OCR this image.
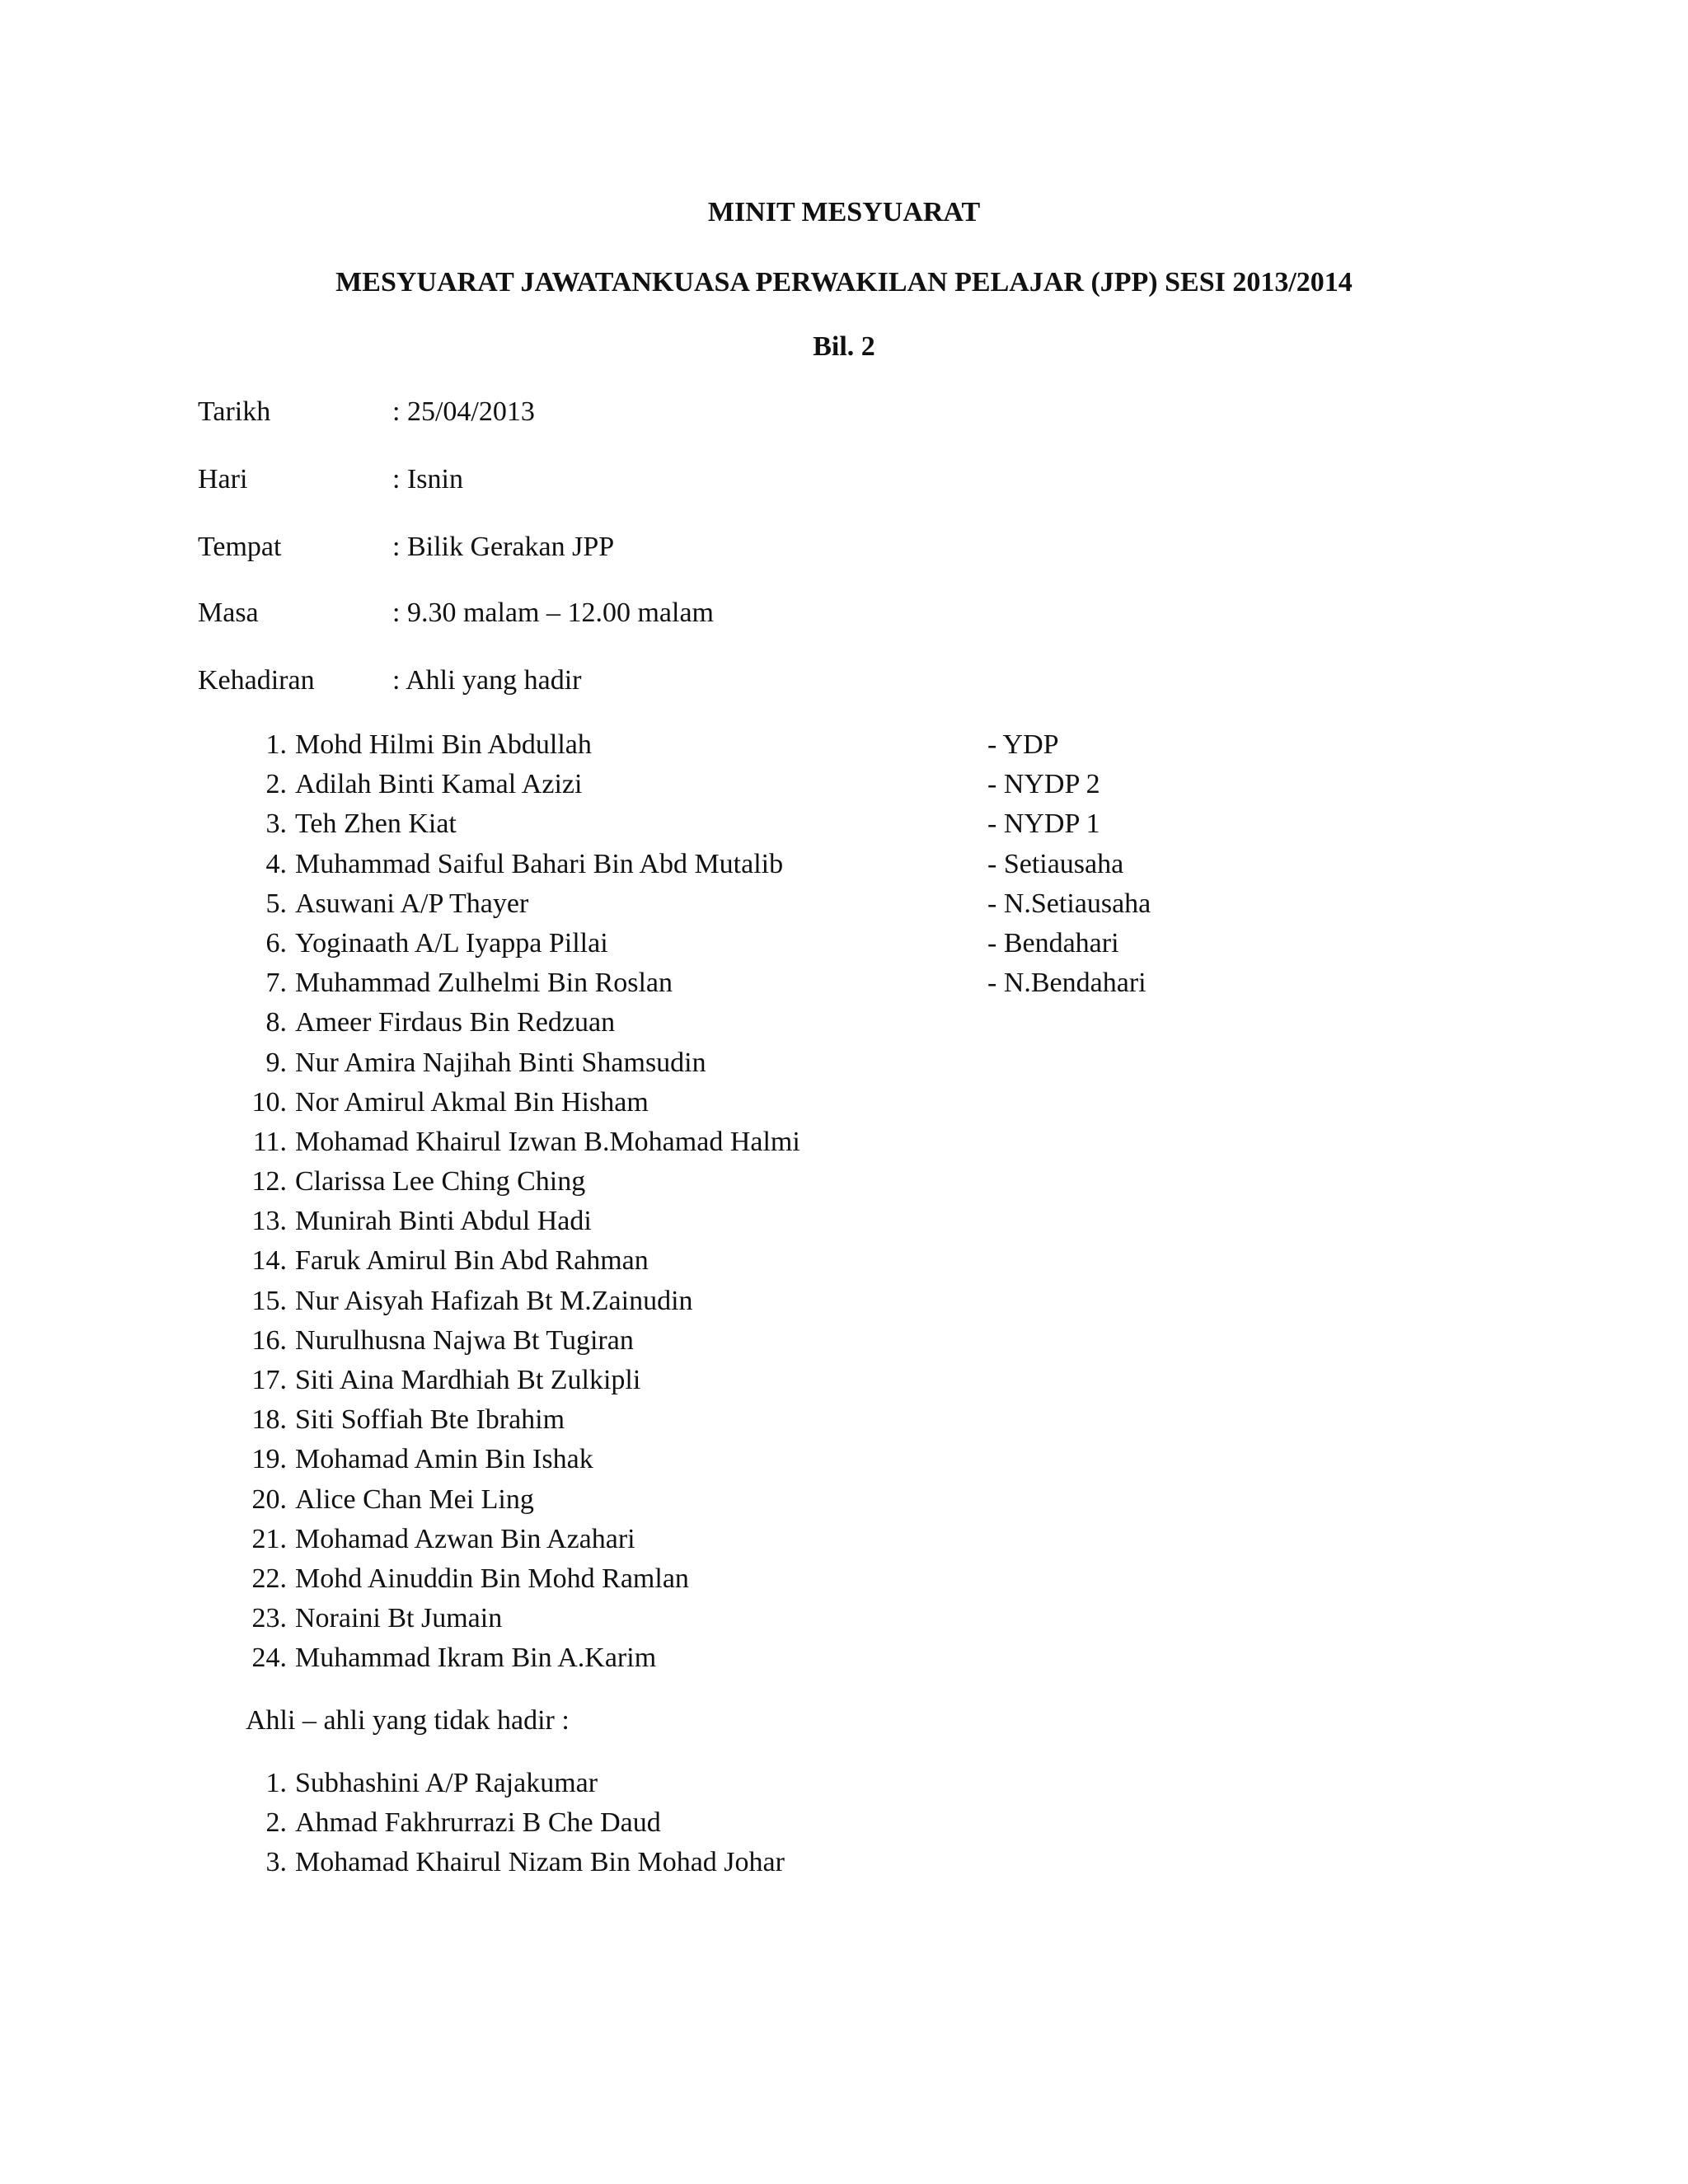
MINIT MESYUARAT
MESYUARAT JAWATANKUASA PERWAKILAN PELAJAR (JPP) SESI 2013/2014
Bil. 2
Tarikh	: 25/04/2013
Hari	: Isnin
Tempat	: Bilik Gerakan JPP
Masa	: 9.30 malam – 12.00 malam
Kehadiran	: Ahli yang hadir
1. Mohd Hilmi Bin Abdullah	- YDP
2. Adilah Binti Kamal Azizi	- NYDP 2
3. Teh Zhen Kiat	- NYDP 1
4. Muhammad Saiful Bahari Bin Abd Mutalib	- Setiausaha
5. Asuwani A/P Thayer	- N.Setiausaha
6. Yoginaath A/L Iyappa Pillai	- Bendahari
7. Muhammad Zulhelmi Bin Roslan	- N.Bendahari
8. Ameer Firdaus Bin Redzuan
9. Nur Amira Najihah Binti Shamsudin
10. Nor Amirul Akmal Bin Hisham
11. Mohamad Khairul Izwan B.Mohamad Halmi
12. Clarissa Lee Ching Ching
13. Munirah Binti Abdul Hadi
14. Faruk Amirul Bin Abd Rahman
15. Nur Aisyah Hafizah Bt M.Zainudin
16. Nurulhusna Najwa Bt Tugiran
17. Siti Aina Mardhiah Bt Zulkipli
18. Siti Soffiah Bte Ibrahim
19. Mohamad Amin Bin Ishak
20. Alice Chan Mei Ling
21. Mohamad Azwan Bin Azahari
22. Mohd Ainuddin Bin Mohd Ramlan
23. Noraini Bt Jumain
24. Muhammad Ikram Bin A.Karim
Ahli – ahli yang tidak hadir :
1. Subhashini A/P Rajakumar
2. Ahmad Fakhrurrazi B Che Daud
3. Mohamad Khairul Nizam Bin Mohad Johar
